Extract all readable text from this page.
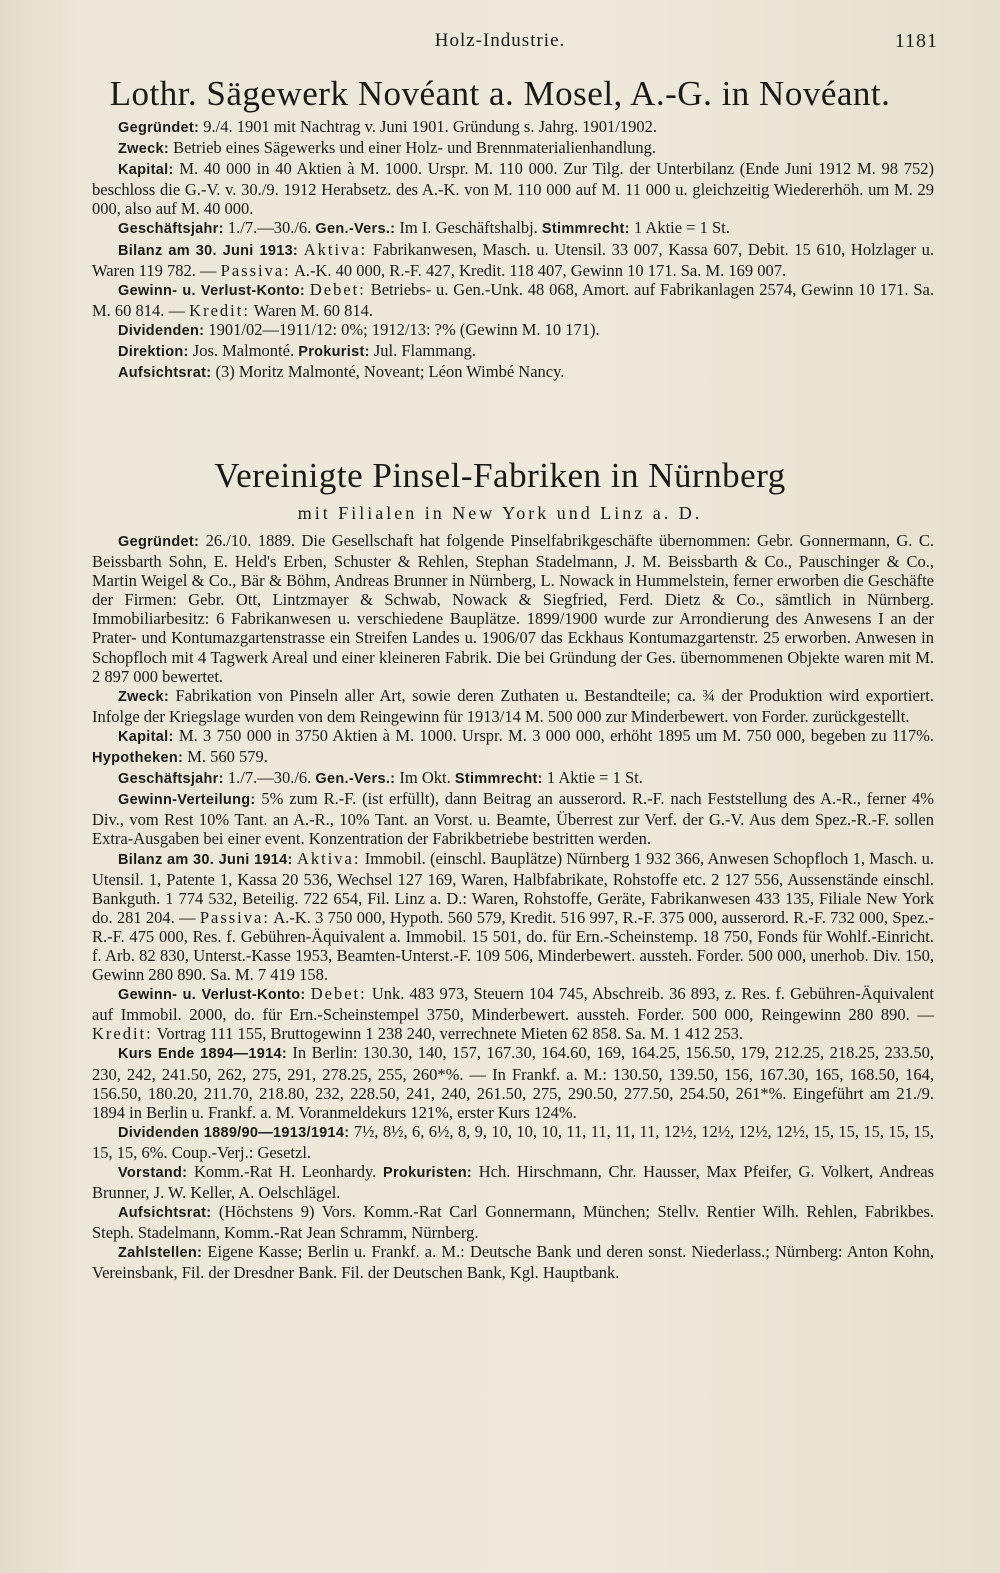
Holz-Industrie.	1181
Lothr. Sägewerk Novéant a. Mosel, A.-G. in Novéant.

Gegründet: 9./4. 1901 mit Nachtrag v. Juni 1901. Gründung s. Jahrg. 1901/1902.

Zweck: Betrieb eines Sägewerks und einer Holz- und Brennmaterialienhandlung.

Kapital: M. 40 000 in 40 Aktien à M. 1000. Urspr. M. 110 000. Zur Tilg. der Unterbilanz (Ende Juni 1912 M. 98 752) beschloss die G.-V. v. 30./9. 1912 Herabsetz. des A.-K. von M. 110 000 auf M. 11 000 u. gleichzeitig Wiedererhöh. um M. 29 000, also auf M. 40 000.

Geschäftsjahr: 1./7.—30./6. Gen.-Vers.: Im I. Geschäftshalbj. Stimmrecht: 1 Aktie = 1 St.

Bilanz am 30. Juni 1913: Aktiva: Fabrikanwesen, Masch. u. Utensil. 33 007, Kassa 607, Debit. 15 610, Holzlager u. Waren 119 782. — Passiva: A.-K. 40 000, R.-F. 427, Kredit. 118 407, Gewinn 10 171. Sa. M. 169 007.

Gewinn- u. Verlust-Konto: Debet: Betriebs- u. Gen.-Unk. 48 068, Amort. auf Fabrikanlagen 2574, Gewinn 10 171. Sa. M. 60 814. — Kredit: Waren M. 60 814.

Dividenden: 1901/02—1911/12: 0%; 1912/13: ?% (Gewinn M. 10 171).

Direktion: Jos. Malmonté. Prokurist: Jul. Flammang.

Aufsichtsrat: (3) Moritz Malmonté, Noveant; Léon Wimbé Nancy.

Vereinigte Pinsel-Fabriken in Nürnberg
mit Filialen in New York und Linz a. D.

Gegründet: 26./10. 1889. Die Gesellschaft hat folgende Pinselfabrikgeschäfte übernommen: Gebr. Gonnermann, G. C. Beissbarth Sohn, E. Held's Erben, Schuster & Rehlen, Stephan Stadelmann, J. M. Beissbarth & Co., Pauschinger & Co., Martin Weigel & Co., Bär & Böhm, Andreas Brunner in Nürnberg, L. Nowack in Hummelstein, ferner erworben die Geschäfte der Firmen: Gebr. Ott, Lintzmayer & Schwab, Nowack & Siegfried, Ferd. Dietz & Co., sämtlich in Nürnberg. Immobiliarbesitz: 6 Fabrikanwesen u. verschiedene Bauplätze. 1899/1900 wurde zur Arrondierung des Anwesens I an der Prater- und Kontumazgartenstrasse ein Streifen Landes u. 1906/07 das Eckhaus Kontumazgartenstr. 25 erworben. Anwesen in Schopfloch mit 4 Tagwerk Areal und einer kleineren Fabrik. Die bei Gründung der Ges. übernommenen Objekte waren mit M. 2 897 000 bewertet.

Zweck: Fabrikation von Pinseln aller Art, sowie deren Zuthaten u. Bestandteile; ca. ¾ der Produktion wird exportiert. Infolge der Kriegslage wurden von dem Reingewinn für 1913/14 M. 500 000 zur Minderbewert. von Forder. zurückgestellt.

Kapital: M. 3 750 000 in 3750 Aktien à M. 1000. Urspr. M. 3 000 000, erhöht 1895 um M. 750 000, begeben zu 117%. Hypotheken: M. 560 579.

Geschäftsjahr: 1./7.—30./6. Gen.-Vers.: Im Okt. Stimmrecht: 1 Aktie = 1 St.

Gewinn-Verteilung: 5% zum R.-F. (ist erfüllt), dann Beitrag an ausserord. R.-F. nach Feststellung des A.-R., ferner 4% Div., vom Rest 10% Tant. an A.-R., 10% Tant. an Vorst. u. Beamte, Überrest zur Verf. der G.-V. Aus dem Spez.-R.-F. sollen Extra-Ausgaben bei einer event. Konzentration der Fabrikbetriebe bestritten werden.

Bilanz am 30. Juni 1914: Aktiva: Immobil. (einschl. Bauplätze) Nürnberg 1 932 366, Anwesen Schopfloch 1, Masch. u. Utensil. 1, Patente 1, Kassa 20 536, Wechsel 127 169, Waren, Halbfabrikate, Rohstoffe etc. 2 127 556, Aussenstände einschl. Bankguth. 1 774 532, Beteilig. 722 654, Fil. Linz a. D.: Waren, Rohstoffe, Geräte, Fabrikanwesen 433 135, Filiale New York do. 281 204. — Passiva: A.-K. 3 750 000, Hypoth. 560 579, Kredit. 516 997, R.-F. 375 000, ausserord. R.-F. 732 000, Spez.-R.-F. 475 000, Res. f. Gebühren-Äquivalent a. Immobil. 15 501, do. für Ern.-Scheinstemp. 18 750, Fonds für Wohlf.-Einricht. f. Arb. 82 830, Unterst.-Kasse 1953, Beamten-Unterst.-F. 109 506, Minderbewert. aussteh. Forder. 500 000, unerhob. Div. 150, Gewinn 280 890. Sa. M. 7 419 158.

Gewinn- u. Verlust-Konto: Debet: Unk. 483 973, Steuern 104 745, Abschreib. 36 893, z. Res. f. Gebühren-Äquivalent auf Immobil. 2000, do. für Ern.-Scheinstempel 3750, Minderbewert. aussteh. Forder. 500 000, Reingewinn 280 890. — Kredit: Vortrag 111 155, Bruttogewinn 1 238 240, verrechnete Mieten 62 858. Sa. M. 1 412 253.

Kurs Ende 1894—1914: In Berlin: 130.30, 140, 157, 167.30, 164.60, 169, 164.25, 156.50, 179, 212.25, 218.25, 233.50, 230, 242, 241.50, 262, 275, 291, 278.25, 255, 260*%. — In Frankf. a. M.: 130.50, 139.50, 156, 167.30, 165, 168.50, 164, 156.50, 180.20, 211.70, 218.80, 232, 228.50, 241, 240, 261.50, 275, 290.50, 277.50, 254.50, 261*%. Eingeführt am 21./9. 1894 in Berlin u. Frankf. a. M. Voranmeldekurs 121%, erster Kurs 124%.

Dividenden 1889/90—1913/1914: 7½, 8½, 6, 6½, 8, 9, 10, 10, 10, 11, 11, 11, 11, 12½, 12½, 12½, 12½, 15, 15, 15, 15, 15, 15, 15, 6%. Coup.-Verj.: Gesetzl.

Vorstand: Komm.-Rat H. Leonhardy. Prokuristen: Hch. Hirschmann, Chr. Hausser, Max Pfeifer, G. Volkert, Andreas Brunner, J. W. Keller, A. Oelschlägel.

Aufsichtsrat: (Höchstens 9) Vors. Komm.-Rat Carl Gonnermann, München; Stellv. Rentier Wilh. Rehlen, Fabrikbes. Steph. Stadelmann, Komm.-Rat Jean Schramm, Nürnberg.

Zahlstellen: Eigene Kasse; Berlin u. Frankf. a. M.: Deutsche Bank und deren sonst. Niederlass.; Nürnberg: Anton Kohn, Vereinsbank, Fil. der Dresdner Bank. Fil. der Deutschen Bank, Kgl. Hauptbank.
